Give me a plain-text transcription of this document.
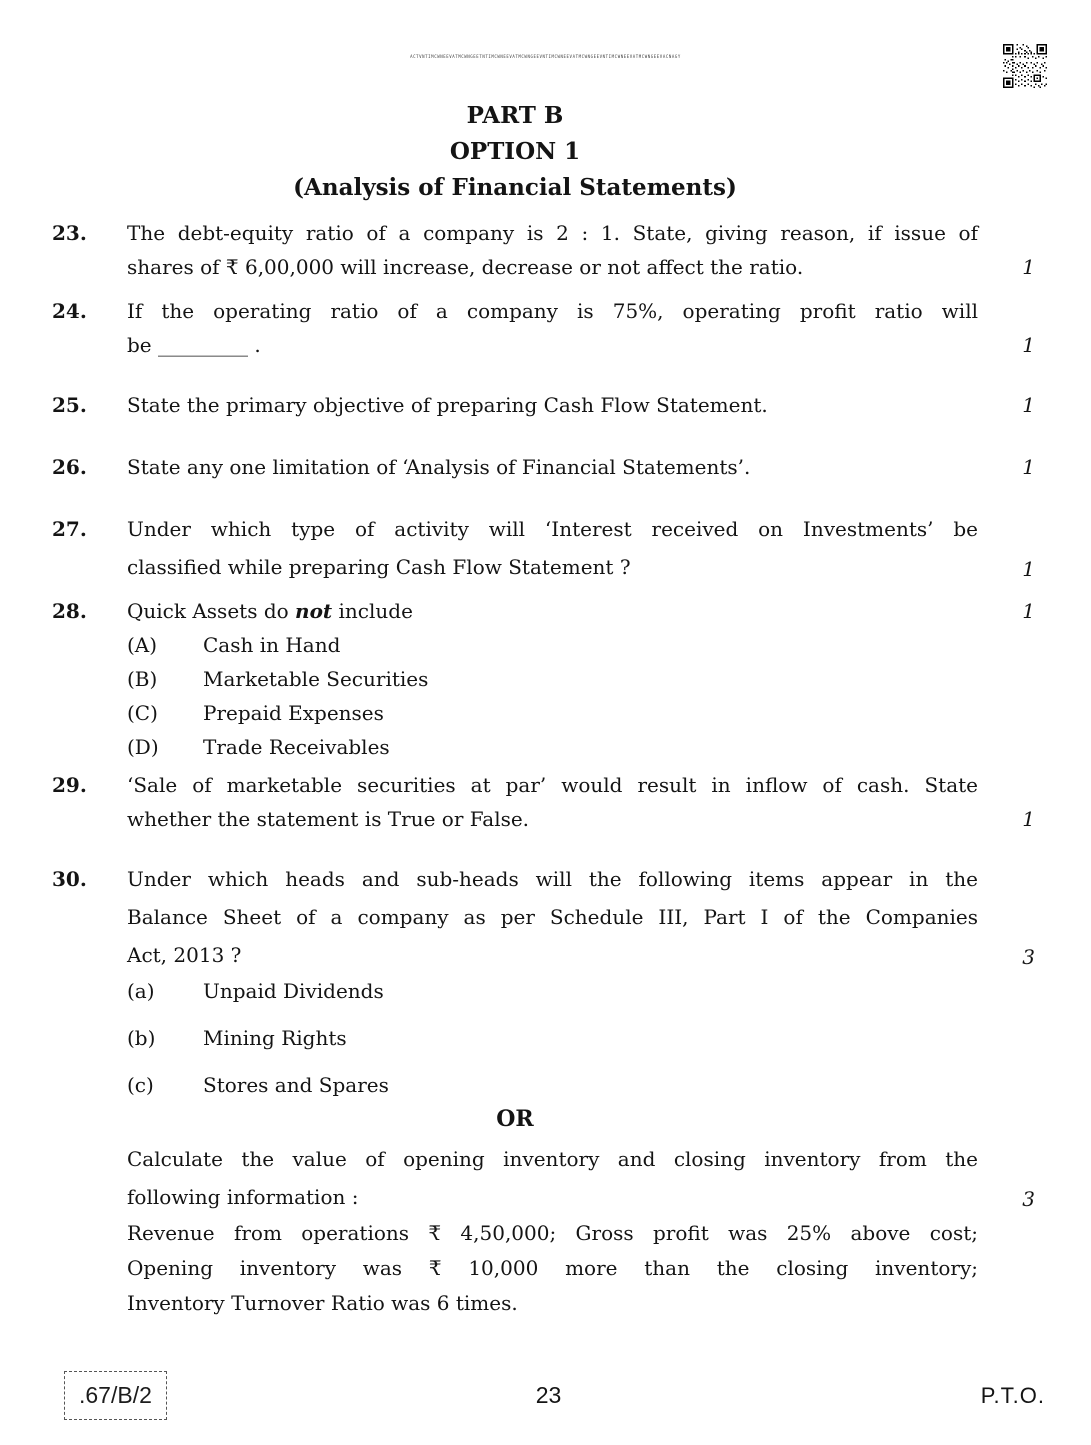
ACTVNTIMCWNEEVATMCWNGEETNTIMCWNEEVATMCWNGEEVNTIMCWNEEVATMCWNGEEVNTIMCWNEEVATMCWNGEEVACNAGY
PART B
OPTION 1
(Analysis of Financial Statements)
23.	The debt-equity ratio of a company is 2 : 1. State, giving reason, if issue of
shares of ₹ 6,00,000 will increase, decrease or not affect the ratio.	1
24.	If the operating ratio of a company is 75%, operating profit ratio will
be _________ .	1
25.	State the primary objective of preparing Cash Flow Statement.	1
26.	State any one limitation of ‘Analysis of Financial Statements’.	1
27.	Under which type of activity will ‘Interest received on Investments’ be
classified while preparing Cash Flow Statement ?	1
28.	Quick Assets do not include	1
(A)	Cash in Hand
(B)	Marketable Securities
(C)	Prepaid Expenses
(D)	Trade Receivables
29.	‘Sale of marketable securities at par’ would result in inflow of cash. State
whether the statement is True or False.	1
30.	Under which heads and sub-heads will the following items appear in the
Balance Sheet of a company as per Schedule III, Part I of the Companies
Act, 2013 ?	3
(a)	Unpaid Dividends
(b)	Mining Rights
(c)	Stores and Spares
OR
Calculate the value of opening inventory and closing inventory from the
following information :	3
Revenue from operations ₹ 4,50,000; Gross profit was 25% above cost;
Opening inventory was ₹ 10,000 more than the closing inventory;
Inventory Turnover Ratio was 6 times.
.67/B/2	23	P.T.O.
